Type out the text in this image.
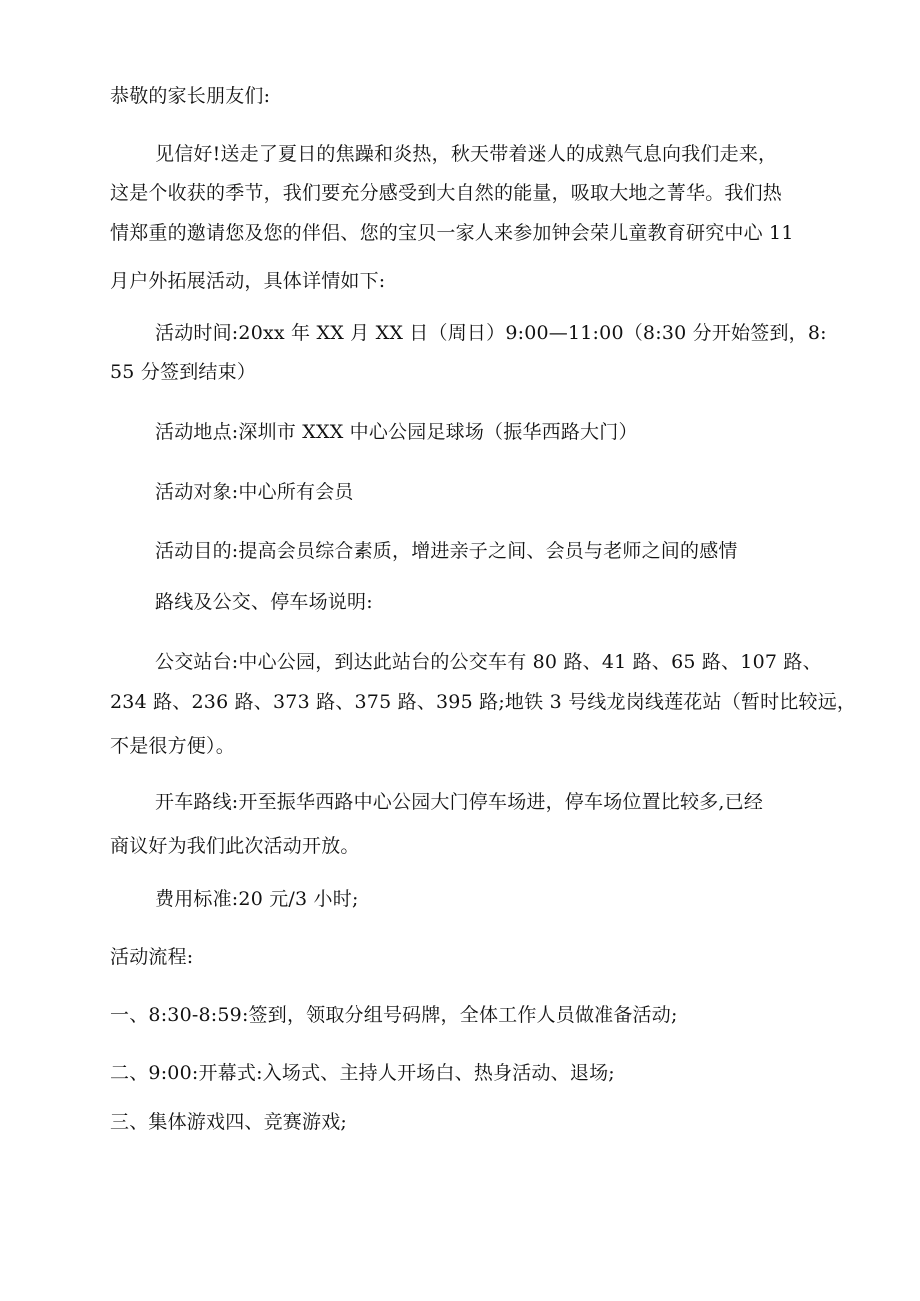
恭敬的家长朋友们:
见信好!送走了夏日的焦躁和炎热，秋天带着迷人的成熟气息向我们走来，
这是个收获的季节，我们要充分感受到大自然的能量，吸取大地之菁华。我们热
情郑重的邀请您及您的伴侣、您的宝贝一家人来参加钟会荣儿童教育研究中心 11
月户外拓展活动，具体详情如下:
活动时间:20xx 年 XX 月 XX 日（周日）9:00—11:00（8:30 分开始签到，8:
55 分签到结束）
活动地点:深圳市 XXX 中心公园足球场（振华西路大门）
活动对象:中心所有会员
活动目的:提高会员综合素质，增进亲子之间、会员与老师之间的感情
路线及公交、停车场说明:
公交站台:中心公园，到达此站台的公交车有 80 路、41 路、65 路、107 路、
234 路、236 路、373 路、375 路、395 路;地铁 3 号线龙岗线莲花站（暂时比较远，
不是很方便）。
开车路线:开至振华西路中心公园大门停车场进，停车场位置比较多,已经
商议好为我们此次活动开放。
费用标准:20 元/3 小时;
活动流程:
一、8:30-8:59:签到，领取分组号码牌，全体工作人员做准备活动;
二、9:00:开幕式:入场式、主持人开场白、热身活动、退场;
三、集体游戏四、竞赛游戏;
